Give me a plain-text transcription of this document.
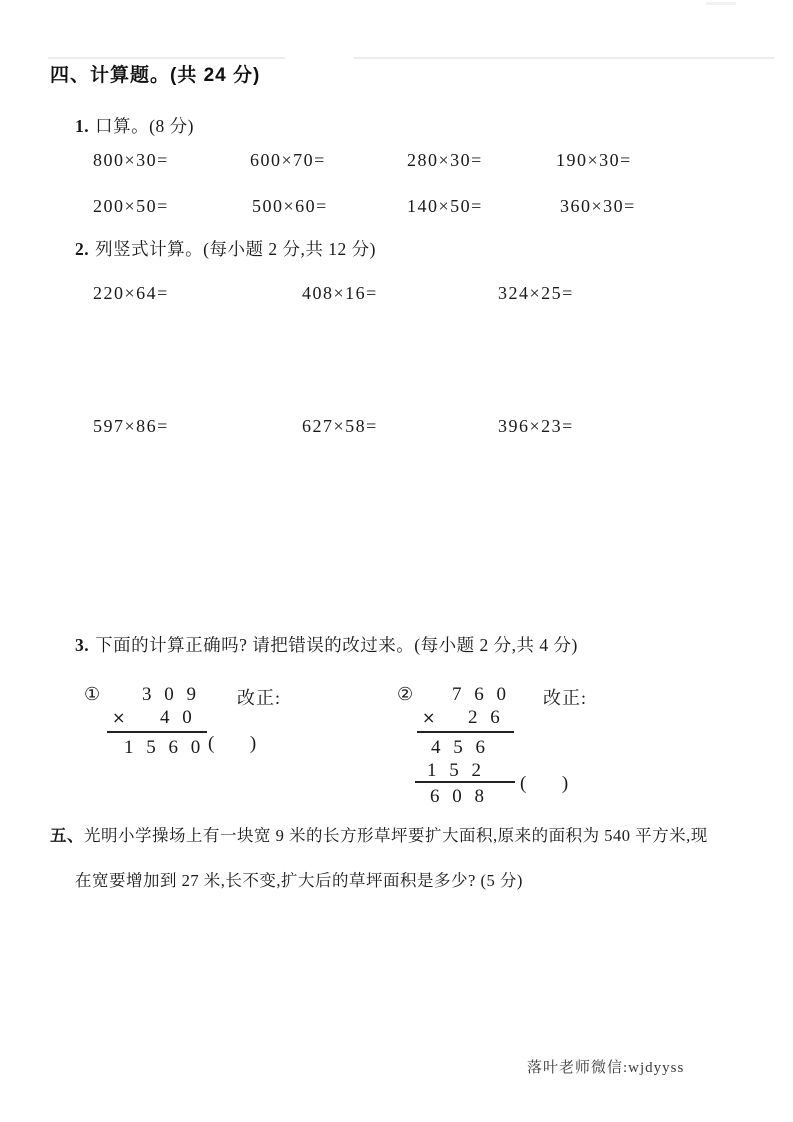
四、计算题。(共 24 分)
1. 口算。(8 分)
800×30=	600×70=	280×30=	190×30=
200×50=	500×60=	140×50=	360×30=
2. 列竖式计算。(每小题 2 分,共 12 分)
220×64=	408×16=	324×25=
597×86=	627×58=	396×23=
3. 下面的计算正确吗? 请把错误的改过来。(每小题 2 分,共 4 分)
① 3 0 9 改正:
× 4 0
1 5 6 0 (      )
② 7 6 0 改正:
× 2 6
4 5 6
1 5 2
6 0 8
(      )
五、光明小学操场上有一块宽 9 米的长方形草坪要扩大面积,原来的面积为 540 平方米,现
在宽要增加到 27 米,长不变,扩大后的草坪面积是多少? (5 分)
落叶老师微信:wjdyyss
